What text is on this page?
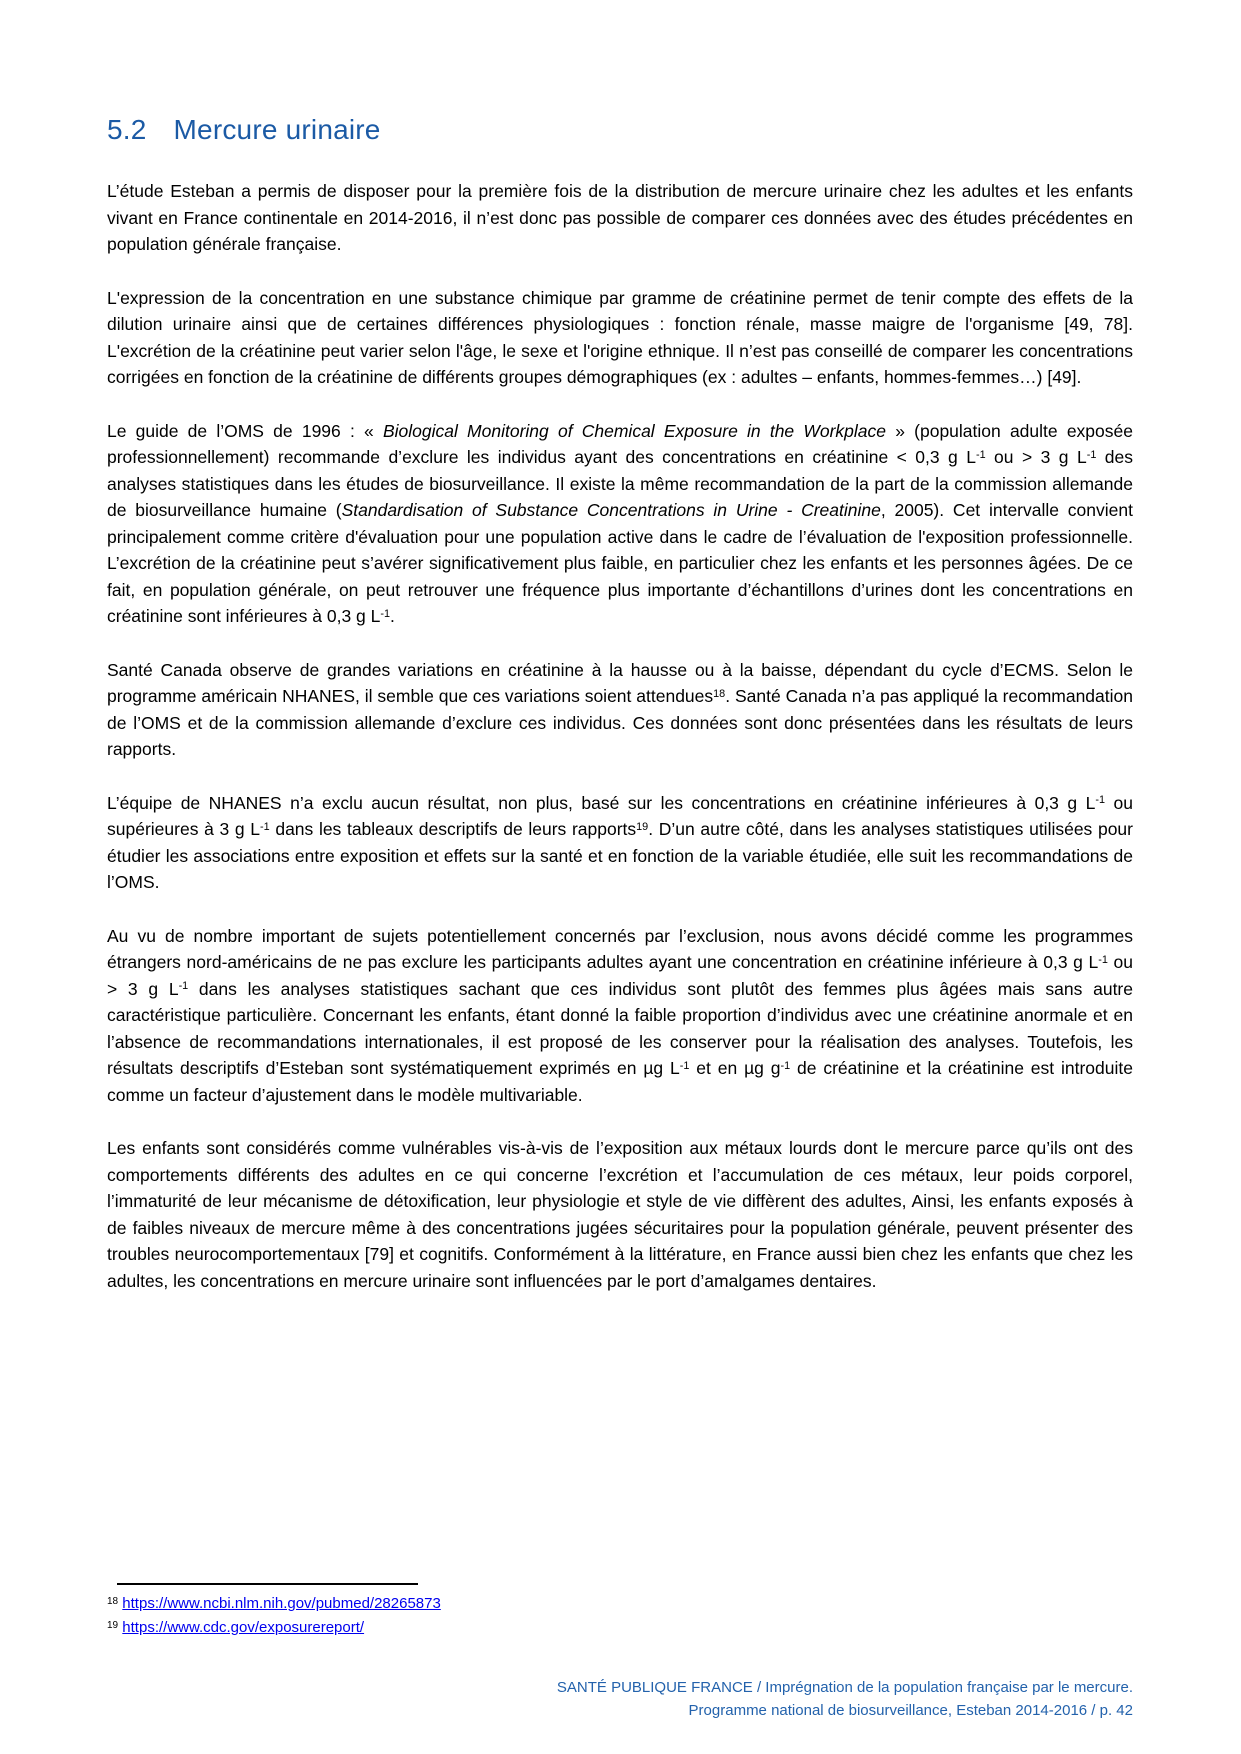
5.2 Mercure urinaire

L’étude Esteban a permis de disposer pour la première fois de la distribution de mercure urinaire chez les adultes et les enfants vivant en France continentale en 2014-2016, il n’est donc pas possible de comparer ces données avec des études précédentes en population générale française.

L'expression de la concentration en une substance chimique par gramme de créatinine permet de tenir compte des effets de la dilution urinaire ainsi que de certaines différences physiologiques : fonction rénale, masse maigre de l'organisme [49, 78]. L'excrétion de la créatinine peut varier selon l'âge, le sexe et l'origine ethnique. Il n’est pas conseillé de comparer les concentrations corrigées en fonction de la créatinine de différents groupes démographiques (ex : adultes – enfants, hommes-femmes…) [49].

Le guide de l’OMS de 1996 : « Biological Monitoring of Chemical Exposure in the Workplace » (population adulte exposée professionnellement) recommande d’exclure les individus ayant des concentrations en créatinine < 0,3 g $L^{-1}$ ou > 3 g $L^{-1}$ des analyses statistiques dans les études de biosurveillance. Il existe la même recommandation de la part de la commission allemande de biosurveillance humaine (Standardisation of Substance Concentrations in Urine - Creatinine, 2005). Cet intervalle convient principalement comme critère d'évaluation pour une population active dans le cadre de l’évaluation de l'exposition professionnelle. L’excrétion de la créatinine peut s’avérer significativement plus faible, en particulier chez les enfants et les personnes âgées. De ce fait, en population générale, on peut retrouver une fréquence plus importante d’échantillons d’urines dont les concentrations en créatinine sont inférieures à 0,3 g $L^{-1}$.

Santé Canada observe de grandes variations en créatinine à la hausse ou à la baisse, dépendant du cycle d’ECMS. Selon le programme américain NHANES, il semble que ces variations soient attendues$^{18}$. Santé Canada n’a pas appliqué la recommandation de l’OMS et de la commission allemande d’exclure ces individus. Ces données sont donc présentées dans les résultats de leurs rapports.

L’équipe de NHANES n’a exclu aucun résultat, non plus, basé sur les concentrations en créatinine inférieures à 0,3 g $L^{-1}$ ou supérieures à 3 g $L^{-1}$ dans les tableaux descriptifs de leurs rapports$^{19}$. D’un autre côté, dans les analyses statistiques utilisées pour étudier les associations entre exposition et effets sur la santé et en fonction de la variable étudiée, elle suit les recommandations de l’OMS.

Au vu de nombre important de sujets potentiellement concernés par l’exclusion, nous avons décidé comme les programmes étrangers nord-américains de ne pas exclure les participants adultes ayant une concentration en créatinine inférieure à 0,3 g $L^{-1}$ ou > 3 g $L^{-1}$ dans les analyses statistiques sachant que ces individus sont plutôt des femmes plus âgées mais sans autre caractéristique particulière. Concernant les enfants, étant donné la faible proportion d’individus avec une créatinine anormale et en l’absence de recommandations internationales, il est proposé de les conserver pour la réalisation des analyses. Toutefois, les résultats descriptifs d’Esteban sont systématiquement exprimés en µg $L^{-1}$ et en µg $g^{-1}$ de créatinine et la créatinine est introduite comme un facteur d’ajustement dans le modèle multivariable.

Les enfants sont considérés comme vulnérables vis-à-vis de l’exposition aux métaux lourds dont le mercure parce qu’ils ont des comportements différents des adultes en ce qui concerne l’excrétion et l’accumulation de ces métaux, leur poids corporel, l’immaturité de leur mécanisme de détoxification, leur physiologie et style de vie diffèrent des adultes, Ainsi, les enfants exposés à de faibles niveaux de mercure même à des concentrations jugées sécuritaires pour la population générale, peuvent présenter des troubles neurocomportementaux [79] et cognitifs. Conformément à la littérature, en France aussi bien chez les enfants que chez les adultes, les concentrations en mercure urinaire sont influencées par le port d’amalgames dentaires.

$^{18}$ https://www.ncbi.nlm.nih.gov/pubmed/28265873
$^{19}$ https://www.cdc.gov/exposurereport/
SANTÉ PUBLIQUE FRANCE / Imprégnation de la population française par le mercure.
Programme national de biosurveillance, Esteban 2014-2016 / p. 42
